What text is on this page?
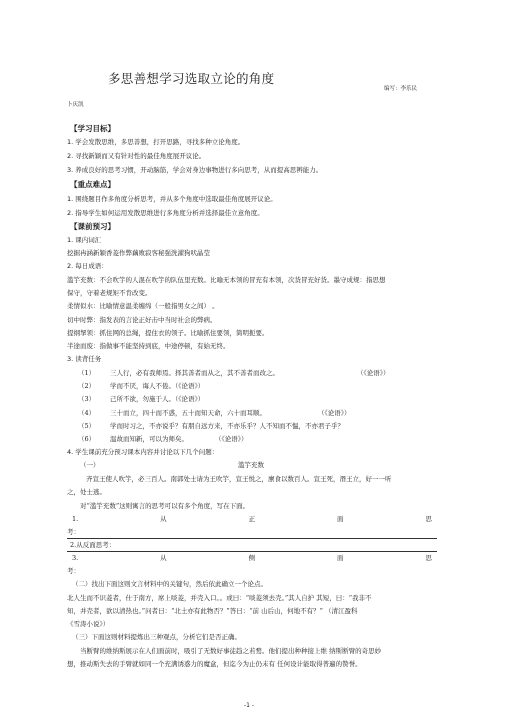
多思善想学习选取立论的角度
编写：李乐民
卜庆凯
【学习目标】
1. 学会发散思维，多思善想，打开思路，寻找多种立论角度。
2. 寻找新颖而又有针对性的最佳角度展开议论。
3. 养成良好的思考习惯，开动脑筋，学会对身边事物进行多向思考，从而提高思辨能力。
【重点难点】
1. 围绕题目作多角度分析思考，并从多个角度中选取最佳角度展开议论。
2. 指导学生如何运用发散思维进行多角度分析并选择最佳立意角度。
【课前预习】
1. 课内词汇
挖掘冉涵新颖香菱作弊藕败寂客秘强洗濯狗吠晶莹
2. 每日成语：
滥竽充数：不会吹竽的人混在吹竽的队伍里充数。比喻无本领的冒充有本领，次货冒充好货。墨守成规：指思想
保守，守着老规矩不肯改变。
柔情似水：比喻情意温柔缠绵（一般指男女之间） 。
切中时弊：指发表的言论正好击中当时社会的弊病。
提纲挈领：抓住网的总绳，提住衣的领子。比喻抓住要领，简明扼要。
半途而废：指做事不能坚持到底，中途停顿，有始无终。
3. 读背任务
（1） 三人行，必有我师焉。择其善者而从之，其不善者而改之。	（《论语》）
（2） 学而不厌，诲人不倦。（《论语》）
（3） 己所不欲，勿施于人。（《论语》）
（4） 三十而立，四十而不惑，五十而知天命，六十而耳顺。	（《论语》）
（5） 学而时习之，不亦说乎？有朋自远方来，不亦乐乎？人不知而不愠，不亦君子乎？
（6） 温故而知新，可以为师矣。	（《论语》）
4. 学生课前充分预习课本内容并讨论以下几个问题：
（一）	滥竽充数
齐宣王使人吹竽，必三百人。南郭处士请为王吹竽，宣王悦之，廪食以数百人。宣王死，湣王立，好一一听
之，处士逃。
对“滥竽充数”这则寓言的思考可以有多个角度，写在下面。
1.	从	正	面	思
考：
2.从反面思考：
3.	从	侧	面	思
考：
（二）找出下面这则文言材料中的关键句，然后依此确立一个论点。
北人生而不识菱者，仕于南方，席上啖菱，并壳入口。。或曰：“啖菱须去壳。”其人自护 其短，曰：“我非不
知，并壳者，欲以清热也。”问者曰：“北土亦有此物否？”答曰：“前 山后山，何地不有？” （清江盈科
《雪涛小说》）
（三）下面这则材料提炼出三种观点，分析它们是否正确。
当断臂的维纳斯展示在人们面前时，吸引了无数好事徒趋之若鹜。他们提出种种接上维 纳斯断臂的奇思妙
想，推动斯失去的手臂就如同一个充满诱惑力的魔盒，但迄今为止仍未有 任何设计能取得普遍的赞誉。
-1 -
